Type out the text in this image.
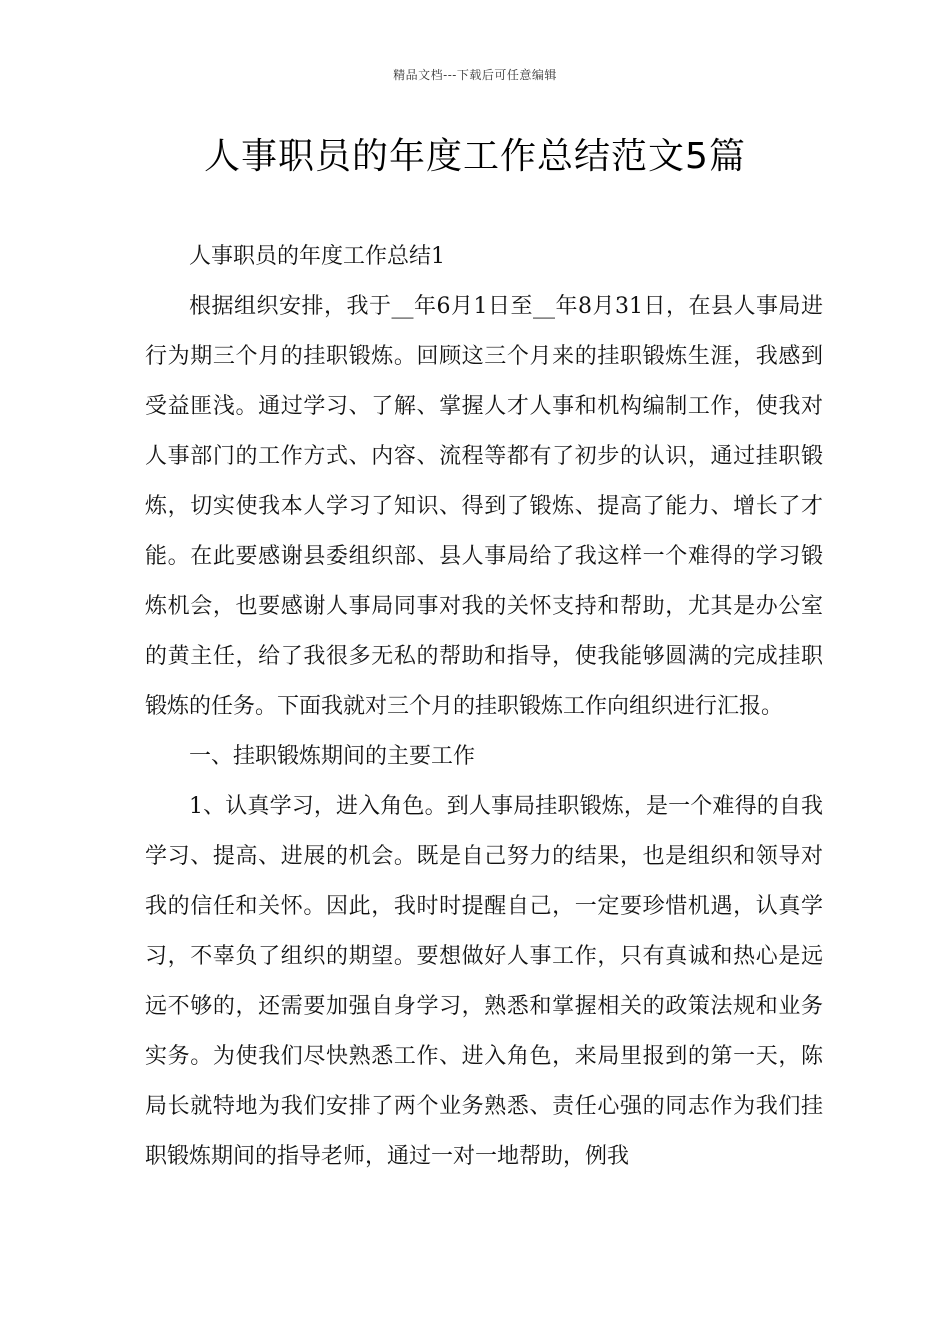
精品文档---下载后可任意编辑
人事职员的年度工作总结范文5篇

人事职员的年度工作总结1

根据组织安排，我于__年6月1日至__年8月31日，在县人事局进行为期三个月的挂职锻炼。回顾这三个月来的挂职锻炼生涯，我感到受益匪浅。通过学习、了解、掌握人才人事和机构编制工作，使我对人事部门的工作方式、内容、流程等都有了初步的认识，通过挂职锻炼，切实使我本人学习了知识、得到了锻炼、提高了能力、增长了才能。在此要感谢县委组织部、县人事局给了我这样一个难得的学习锻炼机会，也要感谢人事局同事对我的关怀支持和帮助，尤其是办公室的黄主任，给了我很多无私的帮助和指导，使我能够圆满的完成挂职锻炼的任务。下面我就对三个月的挂职锻炼工作向组织进行汇报。

一、挂职锻炼期间的主要工作

1、认真学习，进入角色。到人事局挂职锻炼，是一个难得的自我学习、提高、进展的机会。既是自己努力的结果，也是组织和领导对我的信任和关怀。因此，我时时提醒自己，一定要珍惜机遇，认真学习，不辜负了组织的期望。要想做好人事工作，只有真诚和热心是远远不够的，还需要加强自身学习，熟悉和掌握相关的政策法规和业务实务。为使我们尽快熟悉工作、进入角色，来局里报到的第一天，陈局长就特地为我们安排了两个业务熟悉、责任心强的同志作为我们挂职锻炼期间的指导老师，通过一对一地帮助，例我
